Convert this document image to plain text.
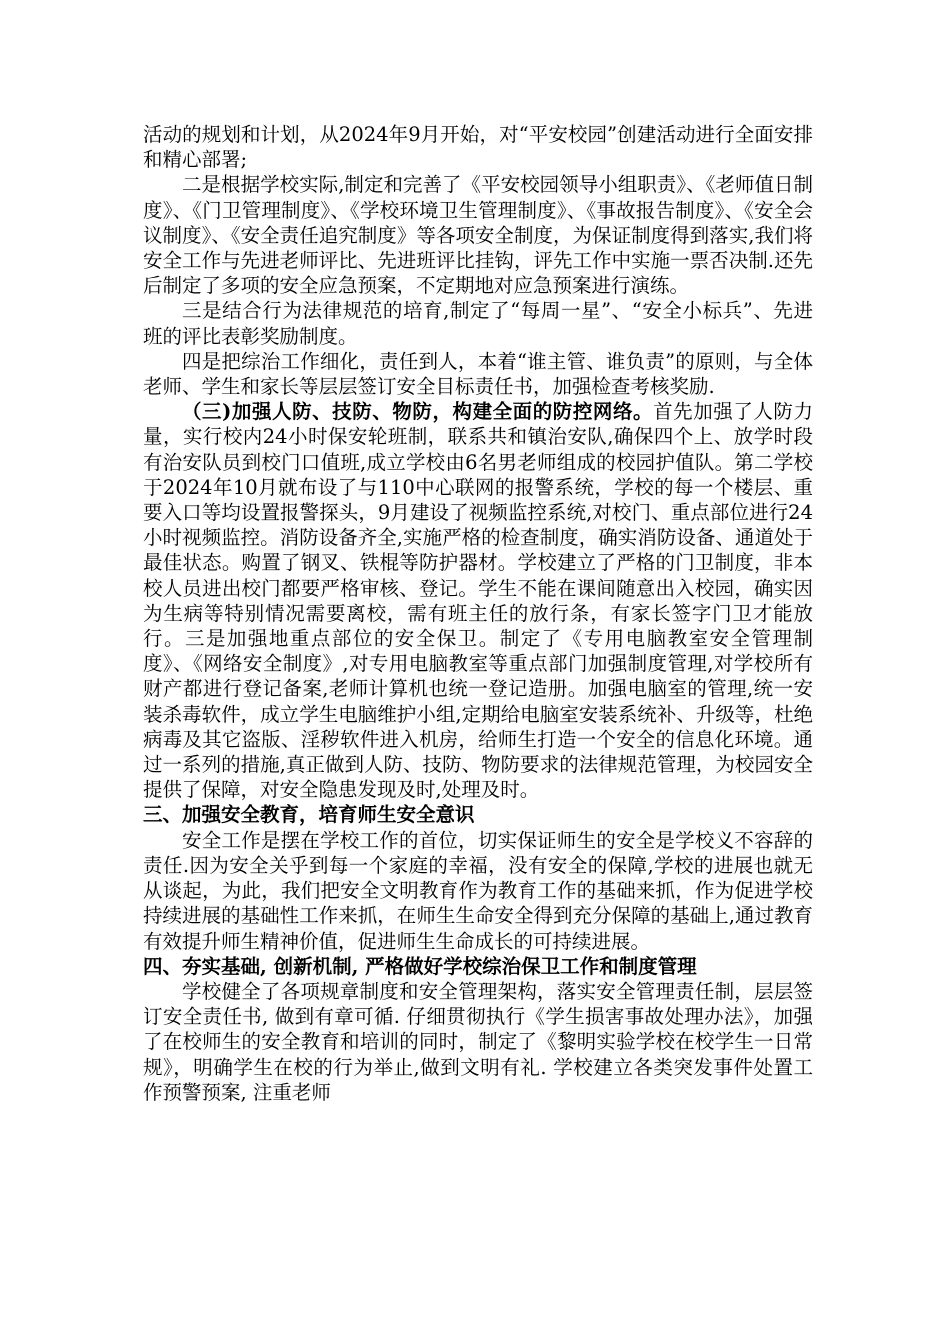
活动的规划和计划，从2024年9月开始，对“平安校园”创建活动进行全面安排和精心部署;

二是根据学校实际,制定和完善了《平安校园领导小组职责》、《老师值日制度》、《门卫管理制度》、《学校环境卫生管理制度》、《事故报告制度》、《安全会议制度》、《安全责任追究制度》等各项安全制度，为保证制度得到落实,我们将安全工作与先进老师评比、先进班评比挂钩，评先工作中实施一票否决制.还先后制定了多项的安全应急预案，不定期地对应急预案进行演练。

三是结合行为法律规范的培育,制定了“每周一星”、“安全小标兵”、先进班的评比表彰奖励制度。

四是把综治工作细化，责任到人，本着“谁主管、谁负责”的原则，与全体老师、学生和家长等层层签订安全目标责任书，加强检查考核奖励.

（三)加强人防、技防、物防，构建全面的防控网络。首先加强了人防力量，实行校内24小时保安轮班制，联系共和镇治安队,确保四个上、放学时段有治安队员到校门口值班,成立学校由6名男老师组成的校园护值队。第二学校于2024年10月就布设了与110中心联网的报警系统，学校的每一个楼层、重要入口等均设置报警探头，9月建设了视频监控系统,对校门、重点部位进行24小时视频监控。消防设备齐全,实施严格的检查制度，确实消防设备、通道处于最佳状态。购置了钢叉、铁棍等防护器材。学校建立了严格的门卫制度，非本校人员进出校门都要严格审核、登记。学生不能在课间随意出入校园，确实因为生病等特别情况需要离校，需有班主任的放行条，有家长签字门卫才能放行。三是加强地重点部位的安全保卫。制定了《专用电脑教室安全管理制度》、《网络安全制度》,对专用电脑教室等重点部门加强制度管理,对学校所有财产都进行登记备案,老师计算机也统一登记造册。加强电脑室的管理,统一安装杀毒软件，成立学生电脑维护小组,定期给电脑室安装系统补、升级等，杜绝病毒及其它盗版、淫秽软件进入机房，给师生打造一个安全的信息化环境。通过一系列的措施,真正做到人防、技防、物防要求的法律规范管理，为校园安全提供了保障，对安全隐患发现及时,处理及时。

三、加强安全教育，培育师生安全意识

安全工作是摆在学校工作的首位，切实保证师生的安全是学校义不容辞的责任.因为安全关乎到每一个家庭的幸福，没有安全的保障,学校的进展也就无从谈起，为此，我们把安全文明教育作为教育工作的基础来抓，作为促进学校持续进展的基础性工作来抓，在师生生命安全得到充分保障的基础上,通过教育有效提升师生精神价值，促进师生生命成长的可持续进展。

四、夯实基础, 创新机制, 严格做好学校综治保卫工作和制度管理

学校健全了各项规章制度和安全管理架构，落实安全管理责任制，层层签订安全责任书, 做到有章可循. 仔细贯彻执行《学生损害事故处理办法》，加强了在校师生的安全教育和培训的同时，制定了《黎明实验学校在校学生一日常规》，明确学生在校的行为举止,做到文明有礼. 学校建立各类突发事件处置工作预警预案, 注重老师
